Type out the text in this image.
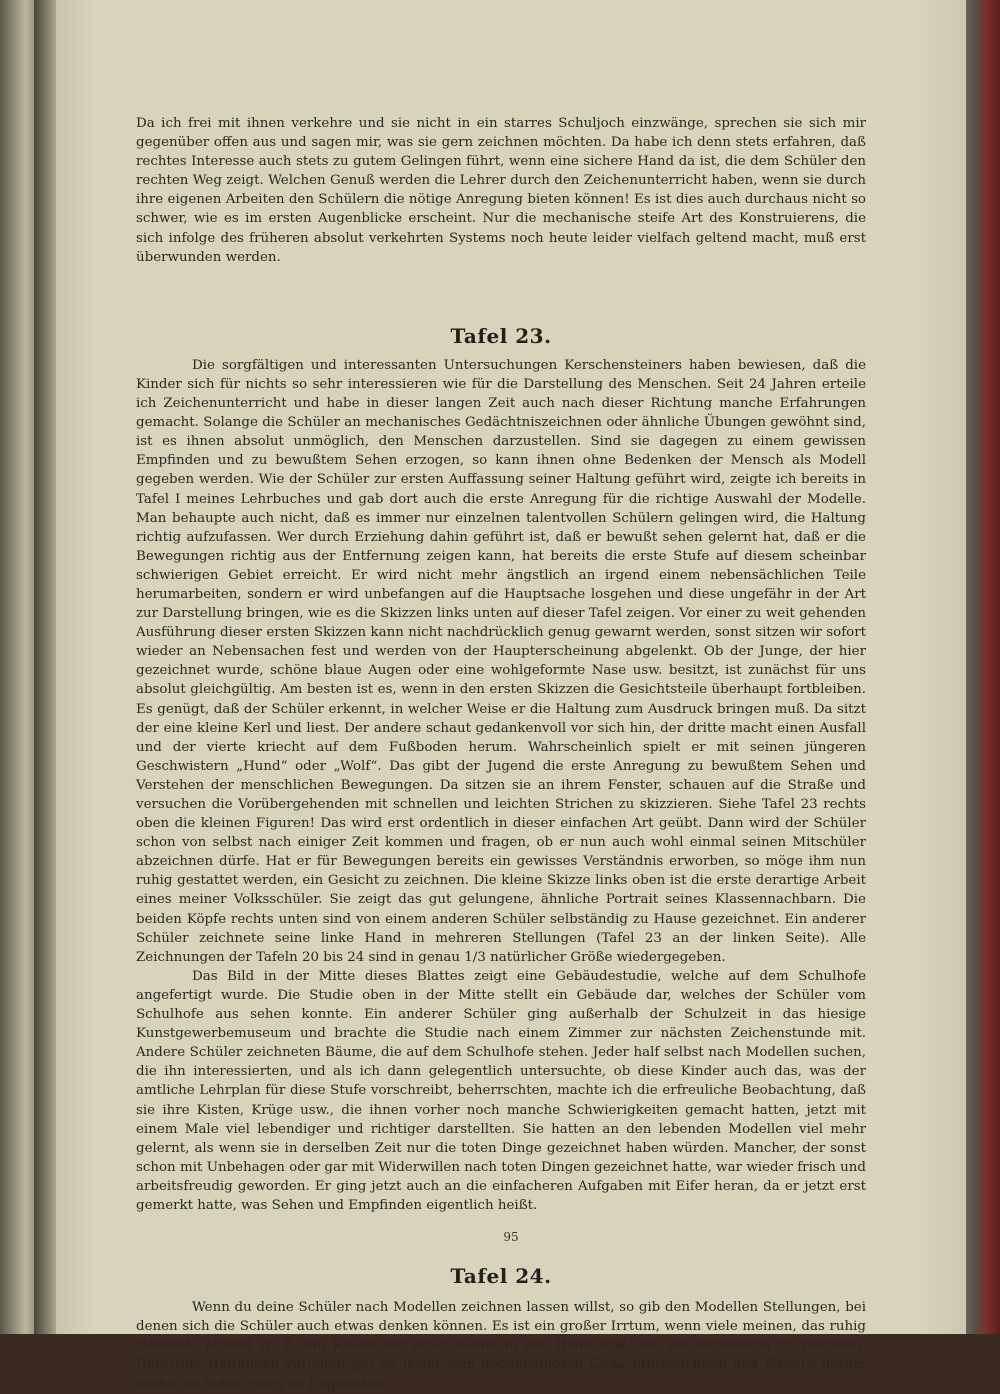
Da ich frei mit ihnen verkehre und sie nicht in ein starres Schuljoch einzwänge, sprechen sie sich mir gegenüber offen aus und sagen mir, was sie gern zeichnen möchten. Da habe ich denn stets erfahren, daß rechtes Interesse auch stets zu gutem Gelingen führt, wenn eine sichere Hand da ist, die dem Schüler den rechten Weg zeigt. Welchen Genuß werden die Lehrer durch den Zeichenunterricht haben, wenn sie durch ihre eigenen Arbeiten den Schülern die nötige Anregung bieten können! Es ist dies auch durchaus nicht so schwer, wie es im ersten Augenblicke erscheint. Nur die mechanische steife Art des Konstruierens, die sich infolge des früheren absolut verkehrten Systems noch heute leider vielfach geltend macht, muß erst überwunden werden.

Tafel 23.

Die sorgfältigen und interessanten Untersuchungen Kerschensteiners haben bewiesen, daß die Kinder sich für nichts so sehr interessieren wie für die Darstellung des Menschen. Seit 24 Jahren erteile ich Zeichenunterricht und habe in dieser langen Zeit auch nach dieser Richtung manche Erfahrungen gemacht. Solange die Schüler an mechanisches Gedächtniszeichnen oder ähnliche Übungen gewöhnt sind, ist es ihnen absolut unmöglich, den Menschen darzustellen. Sind sie dagegen zu einem gewissen Empfinden und zu bewußtem Sehen erzogen, so kann ihnen ohne Bedenken der Mensch als Modell gegeben werden. Wie der Schüler zur ersten Auffassung seiner Haltung geführt wird, zeigte ich bereits in Tafel I meines Lehrbuches und gab dort auch die erste Anregung für die richtige Auswahl der Modelle. Man behaupte auch nicht, daß es immer nur einzelnen talentvollen Schülern gelingen wird, die Haltung richtig aufzufassen. Wer durch Erziehung dahin geführt ist, daß er bewußt sehen gelernt hat, daß er die Bewegungen richtig aus der Entfernung zeigen kann, hat bereits die erste Stufe auf diesem scheinbar schwierigen Gebiet erreicht. Er wird nicht mehr ängstlich an irgend einem nebensächlichen Teile herumarbeiten, sondern er wird unbefangen auf die Hauptsache losgehen und diese ungefähr in der Art zur Darstellung bringen, wie es die Skizzen links unten auf dieser Tafel zeigen. Vor einer zu weit gehenden Ausführung dieser ersten Skizzen kann nicht nachdrücklich genug gewarnt werden, sonst sitzen wir sofort wieder an Nebensachen fest und werden von der Haupterscheinung abgelenkt. Ob der Junge, der hier gezeichnet wurde, schöne blaue Augen oder eine wohlgeformte Nase usw. besitzt, ist zunächst für uns absolut gleichgültig. Am besten ist es, wenn in den ersten Skizzen die Gesichtsteile überhaupt fortbleiben. Es genügt, daß der Schüler erkennt, in welcher Weise er die Haltung zum Ausdruck bringen muß. Da sitzt der eine kleine Kerl und liest. Der andere schaut gedankenvoll vor sich hin, der dritte macht einen Ausfall und der vierte kriecht auf dem Fußboden herum. Wahrscheinlich spielt er mit seinen jüngeren Geschwistern „Hund“ oder „Wolf“. Das gibt der Jugend die erste Anregung zu bewußtem Sehen und Verstehen der menschlichen Bewegungen. Da sitzen sie an ihrem Fenster, schauen auf die Straße und versuchen die Vorübergehenden mit schnellen und leichten Strichen zu skizzieren. Siehe Tafel 23 rechts oben die kleinen Figuren! Das wird erst ordentlich in dieser einfachen Art geübt. Dann wird der Schüler schon von selbst nach einiger Zeit kommen und fragen, ob er nun auch wohl einmal seinen Mitschüler abzeichnen dürfe. Hat er für Bewegungen bereits ein gewisses Verständnis erworben, so möge ihm nun ruhig gestattet werden, ein Gesicht zu zeichnen. Die kleine Skizze links oben ist die erste derartige Arbeit eines meiner Volksschüler. Sie zeigt das gut gelungene, ähnliche Portrait seines Klassennachbarn. Die beiden Köpfe rechts unten sind von einem anderen Schüler selbständig zu Hause gezeichnet. Ein anderer Schüler zeichnete seine linke Hand in mehreren Stellungen (Tafel 23 an der linken Seite). Alle Zeichnungen der Tafeln 20 bis 24 sind in genau 1/3 natürlicher Größe wiedergegeben.

Das Bild in der Mitte dieses Blattes zeigt eine Gebäudestudie, welche auf dem Schulhofe angefertigt wurde. Die Studie oben in der Mitte stellt ein Gebäude dar, welches der Schüler vom Schulhofe aus sehen konnte. Ein anderer Schüler ging außerhalb der Schulzeit in das hiesige Kunstgewerbemuseum und brachte die Studie nach einem Zimmer zur nächsten Zeichenstunde mit. Andere Schüler zeichneten Bäume, die auf dem Schulhofe stehen. Jeder half selbst nach Modellen suchen, die ihn interessierten, und als ich dann gelegentlich untersuchte, ob diese Kinder auch das, was der amtliche Lehrplan für diese Stufe vorschreibt, beherrschten, machte ich die erfreuliche Beobachtung, daß sie ihre Kisten, Krüge usw., die ihnen vorher noch manche Schwierigkeiten gemacht hatten, jetzt mit einem Male viel lebendiger und richtiger darstellten. Sie hatten an den lebenden Modellen viel mehr gelernt, als wenn sie in derselben Zeit nur die toten Dinge gezeichnet haben würden. Mancher, der sonst schon mit Unbehagen oder gar mit Widerwillen nach toten Dingen gezeichnet hatte, war wieder frisch und arbeitsfreudig geworden. Er ging jetzt auch an die einfacheren Aufgaben mit Eifer heran, da er jetzt erst gemerkt hatte, was Sehen und Empfinden eigentlich heißt.

Tafel 24.

Wenn du deine Schüler nach Modellen zeichnen lassen willst, so gib den Modellen Stellungen, bei denen sich die Schüler auch etwas denken können. Es ist ein großer Irrtum, wenn viele meinen, das ruhig stehende Modell (z. B. ein Knabe mit einer Fahne in der Hand usw.) sei am leichtesten zu zeichnen. Derartige Haltungen verleiten gar zu leicht zum gedankenlosen Gedächtniszeichnen und fördern darum weder im Sehen noch im Empfinden

95
